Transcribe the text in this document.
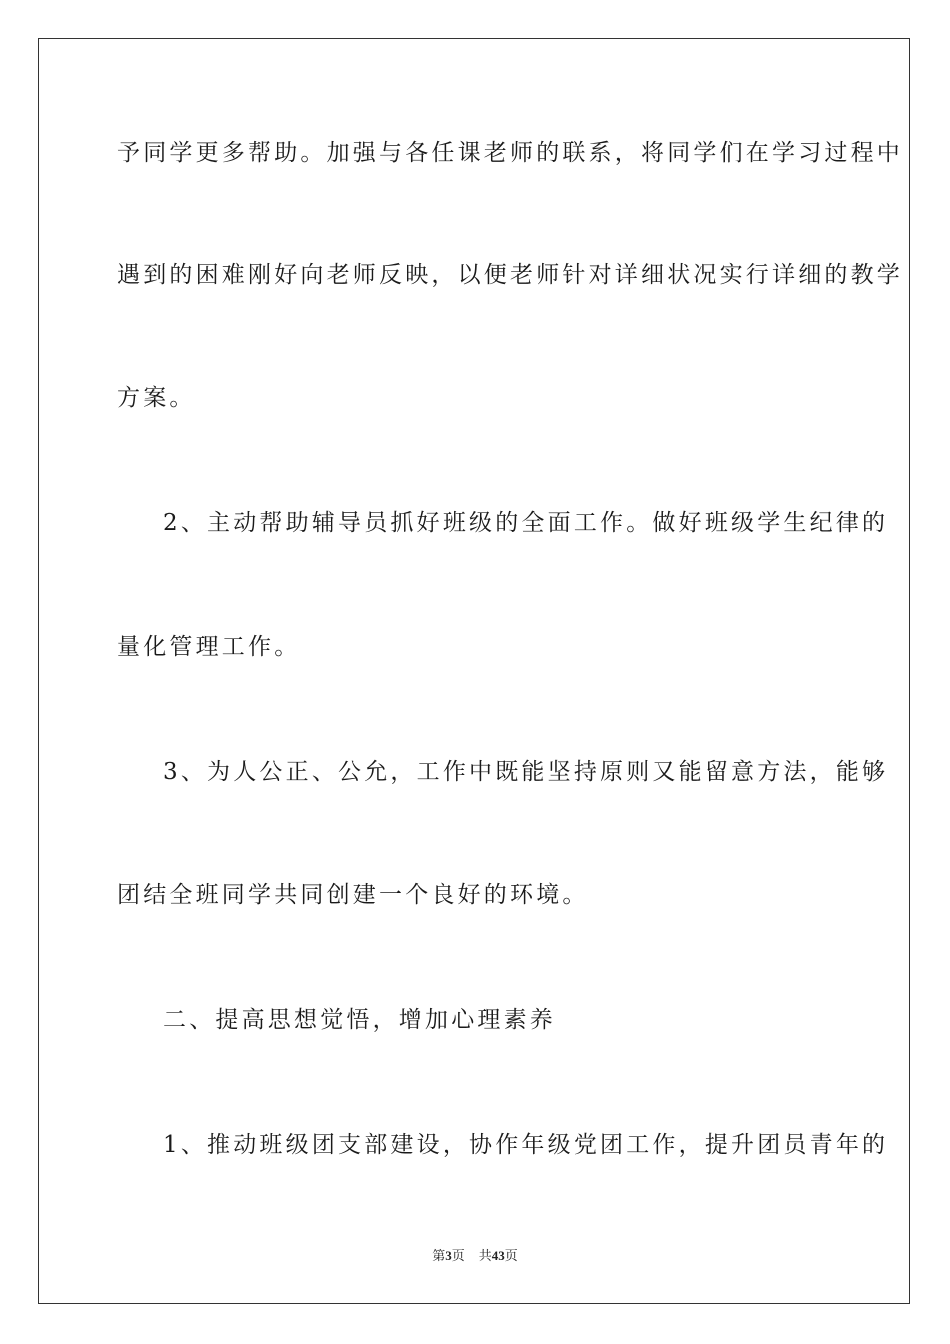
予同学更多帮助。加强与各任课老师的联系，将同学们在学习过程中
遇到的困难刚好向老师反映，以便老师针对详细状况实行详细的教学
方案。
2、主动帮助辅导员抓好班级的全面工作。做好班级学生纪律的
量化管理工作。
3、为人公正、公允，工作中既能坚持原则又能留意方法，能够
团结全班同学共同创建一个良好的环境。
二、提高思想觉悟，增加心理素养
1、推动班级团支部建设，协作年级党团工作，提升团员青年的
第3页 共43页
